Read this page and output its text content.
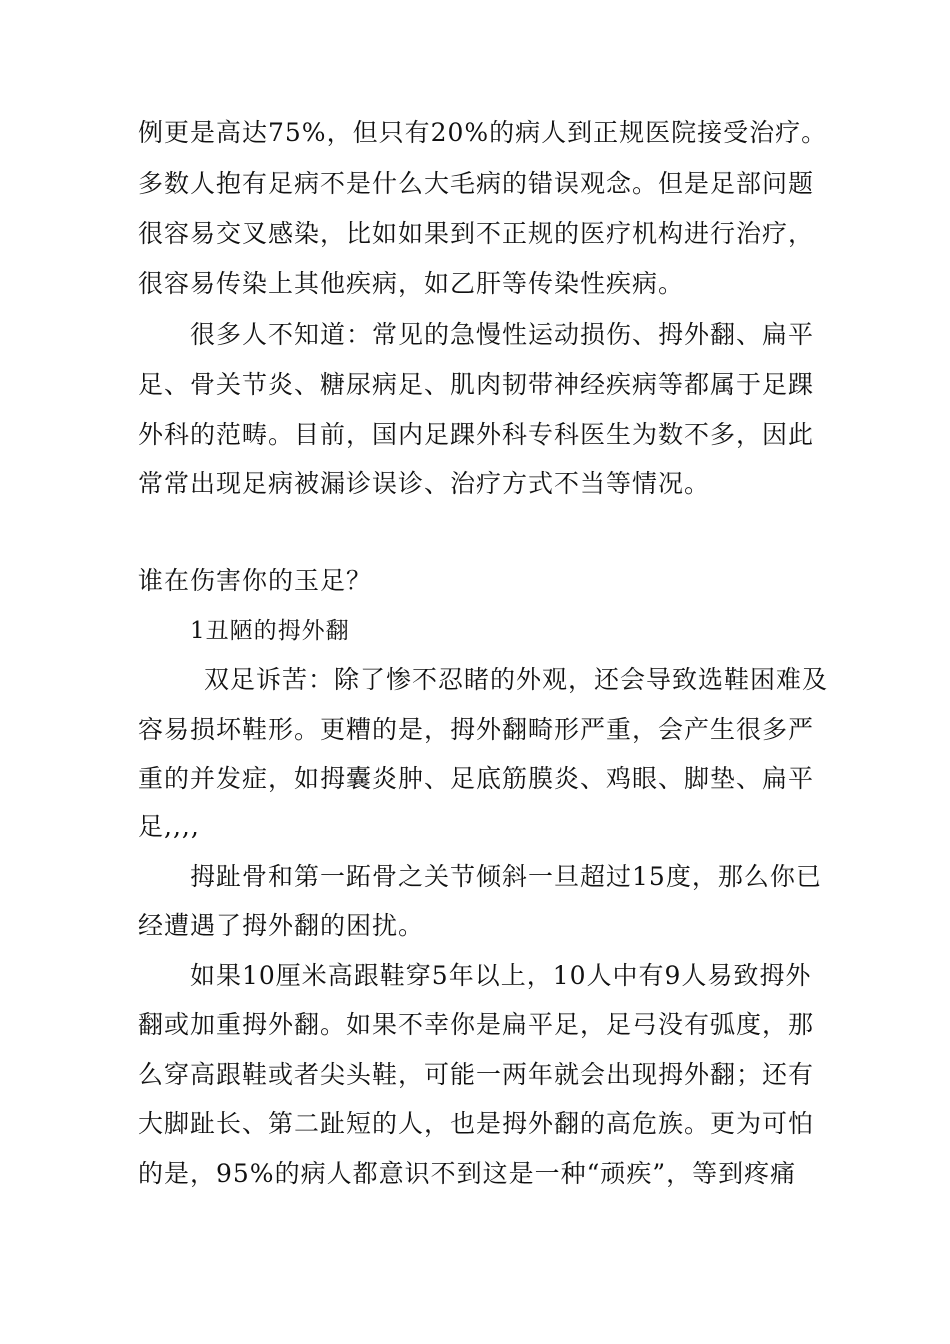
例更是高达75%，但只有20%的病人到正规医院接受治疗。
多数人抱有足病不是什么大毛病的错误观念。但是足部问题
很容易交叉感染，比如如果到不正规的医疗机构进行治疗，
很容易传染上其他疾病，如乙肝等传染性疾病。
很多人不知道：常见的急慢性运动损伤、拇外翻、扁平
足、骨关节炎、糖尿病足、肌肉韧带神经疾病等都属于足踝
外科的范畴。目前，国内足踝外科专科医生为数不多，因此
常常出现足病被漏诊误诊、治疗方式不当等情况。
谁在伤害你的玉足？
1丑陋的拇外翻
双足诉苦：除了惨不忍睹的外观，还会导致选鞋困难及
容易损坏鞋形。更糟的是，拇外翻畸形严重，会产生很多严
重的并发症，如拇囊炎肿、足底筋膜炎、鸡眼、脚垫、扁平
足,,,,
拇趾骨和第一跖骨之关节倾斜一旦超过15度，那么你已
经遭遇了拇外翻的困扰。
如果10厘米高跟鞋穿5年以上，10人中有9人易致拇外
翻或加重拇外翻。如果不幸你是扁平足，足弓没有弧度，那
么穿高跟鞋或者尖头鞋，可能一两年就会出现拇外翻；还有
大脚趾长、第二趾短的人，也是拇外翻的高危族。更为可怕
的是，95%的病人都意识不到这是一种“顽疾”，等到疼痛
